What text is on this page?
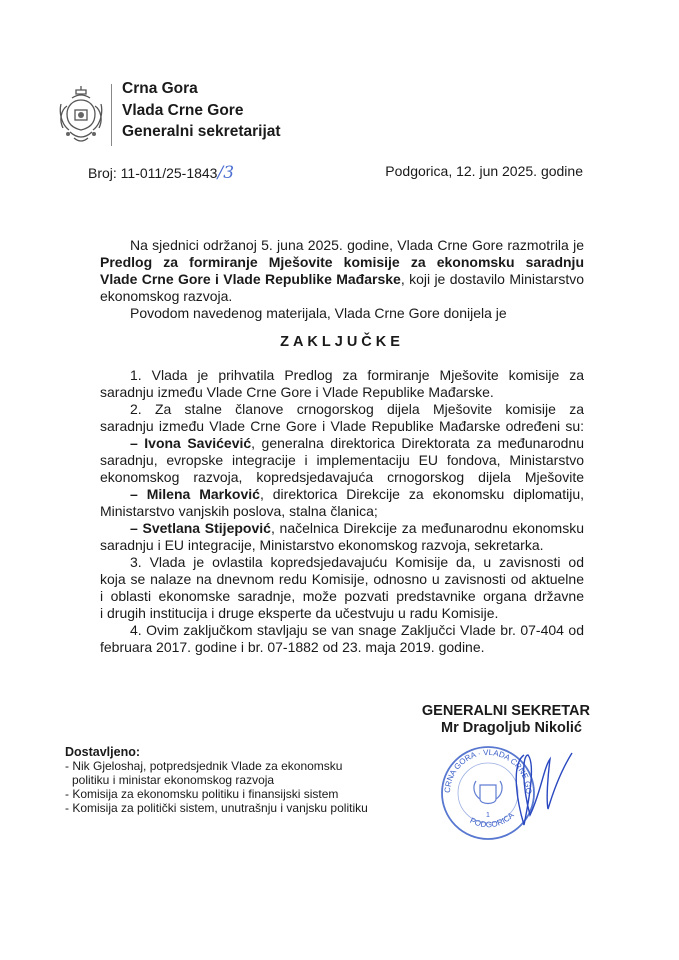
Crna Gora
Vlada Crne Gore
Generalni sekretarijat
Broj: 11-011/25-1843/3	Podgorica, 12. jun 2025. godine
Na sjednici održanoj 5. juna 2025. godine, Vlada Crne Gore razmotrila je
Predlog za formiranje Mješovite komisije za ekonomsku saradnju
Vlade Crne Gore i Vlade Republike Mađarske, koji je dostavilo Ministarstvo
ekonomskog razvoja.
Povodom navedenog materijala, Vlada Crne Gore donijela je
ZAKLJUČKE
1. Vlada je prihvatila Predlog za formiranje Mješovite komisije za
saradnju između Vlade Crne Gore i Vlade Republike Mađarske.
2. Za stalne članove crnogorskog dijela Mješovite komisije za
saradnju između Vlade Crne Gore i Vlade Republike Mađarske određeni su:
– Ivona Savićević, generalna direktorica Direktorata za međunarodnu
saradnju, evropske integracije i implementaciju EU fondova, Ministarstvo
ekonomskog razvoja, kopredsjedavajuća crnogorskog dijela Mješovite
– Milena Marković, direktorica Direkcije za ekonomsku diplomatiju,
Ministarstvo vanjskih poslova, stalna članica;
– Svetlana Stijepović, načelnica Direkcije za međunarodnu ekonomsku
saradnju i EU integracije, Ministarstvo ekonomskog razvoja, sekretarka.
3. Vlada je ovlastila kopredsjedavajuću Komisije da, u zavisnosti od
koja se nalaze na dnevnom redu Komisije, odnosno u zavisnosti od aktuelne
i oblasti ekonomske saradnje, može pozvati predstavnike organa državne
i drugih institucija i druge eksperte da učestvuju u radu Komisije.
4. Ovim zaključkom stavljaju se van snage Zaključci Vlade br. 07-404 od
februara 2017. godine i br. 07-1882 od 23. maja 2019. godine.
GENERALNI SEKRETAR
Mr Dragoljub Nikolić
CRNA GORA · VLADA CRNE GO
PODGORICA
1
Dostavljeno:
- Nik Gjeloshaj, potpredsjednik Vlade za ekonomsku
politiku i ministar ekonomskog razvoja
- Komisija za ekonomsku politiku i finansijski sistem
- Komisija za politički sistem, unutrašnju i vanjsku politiku
